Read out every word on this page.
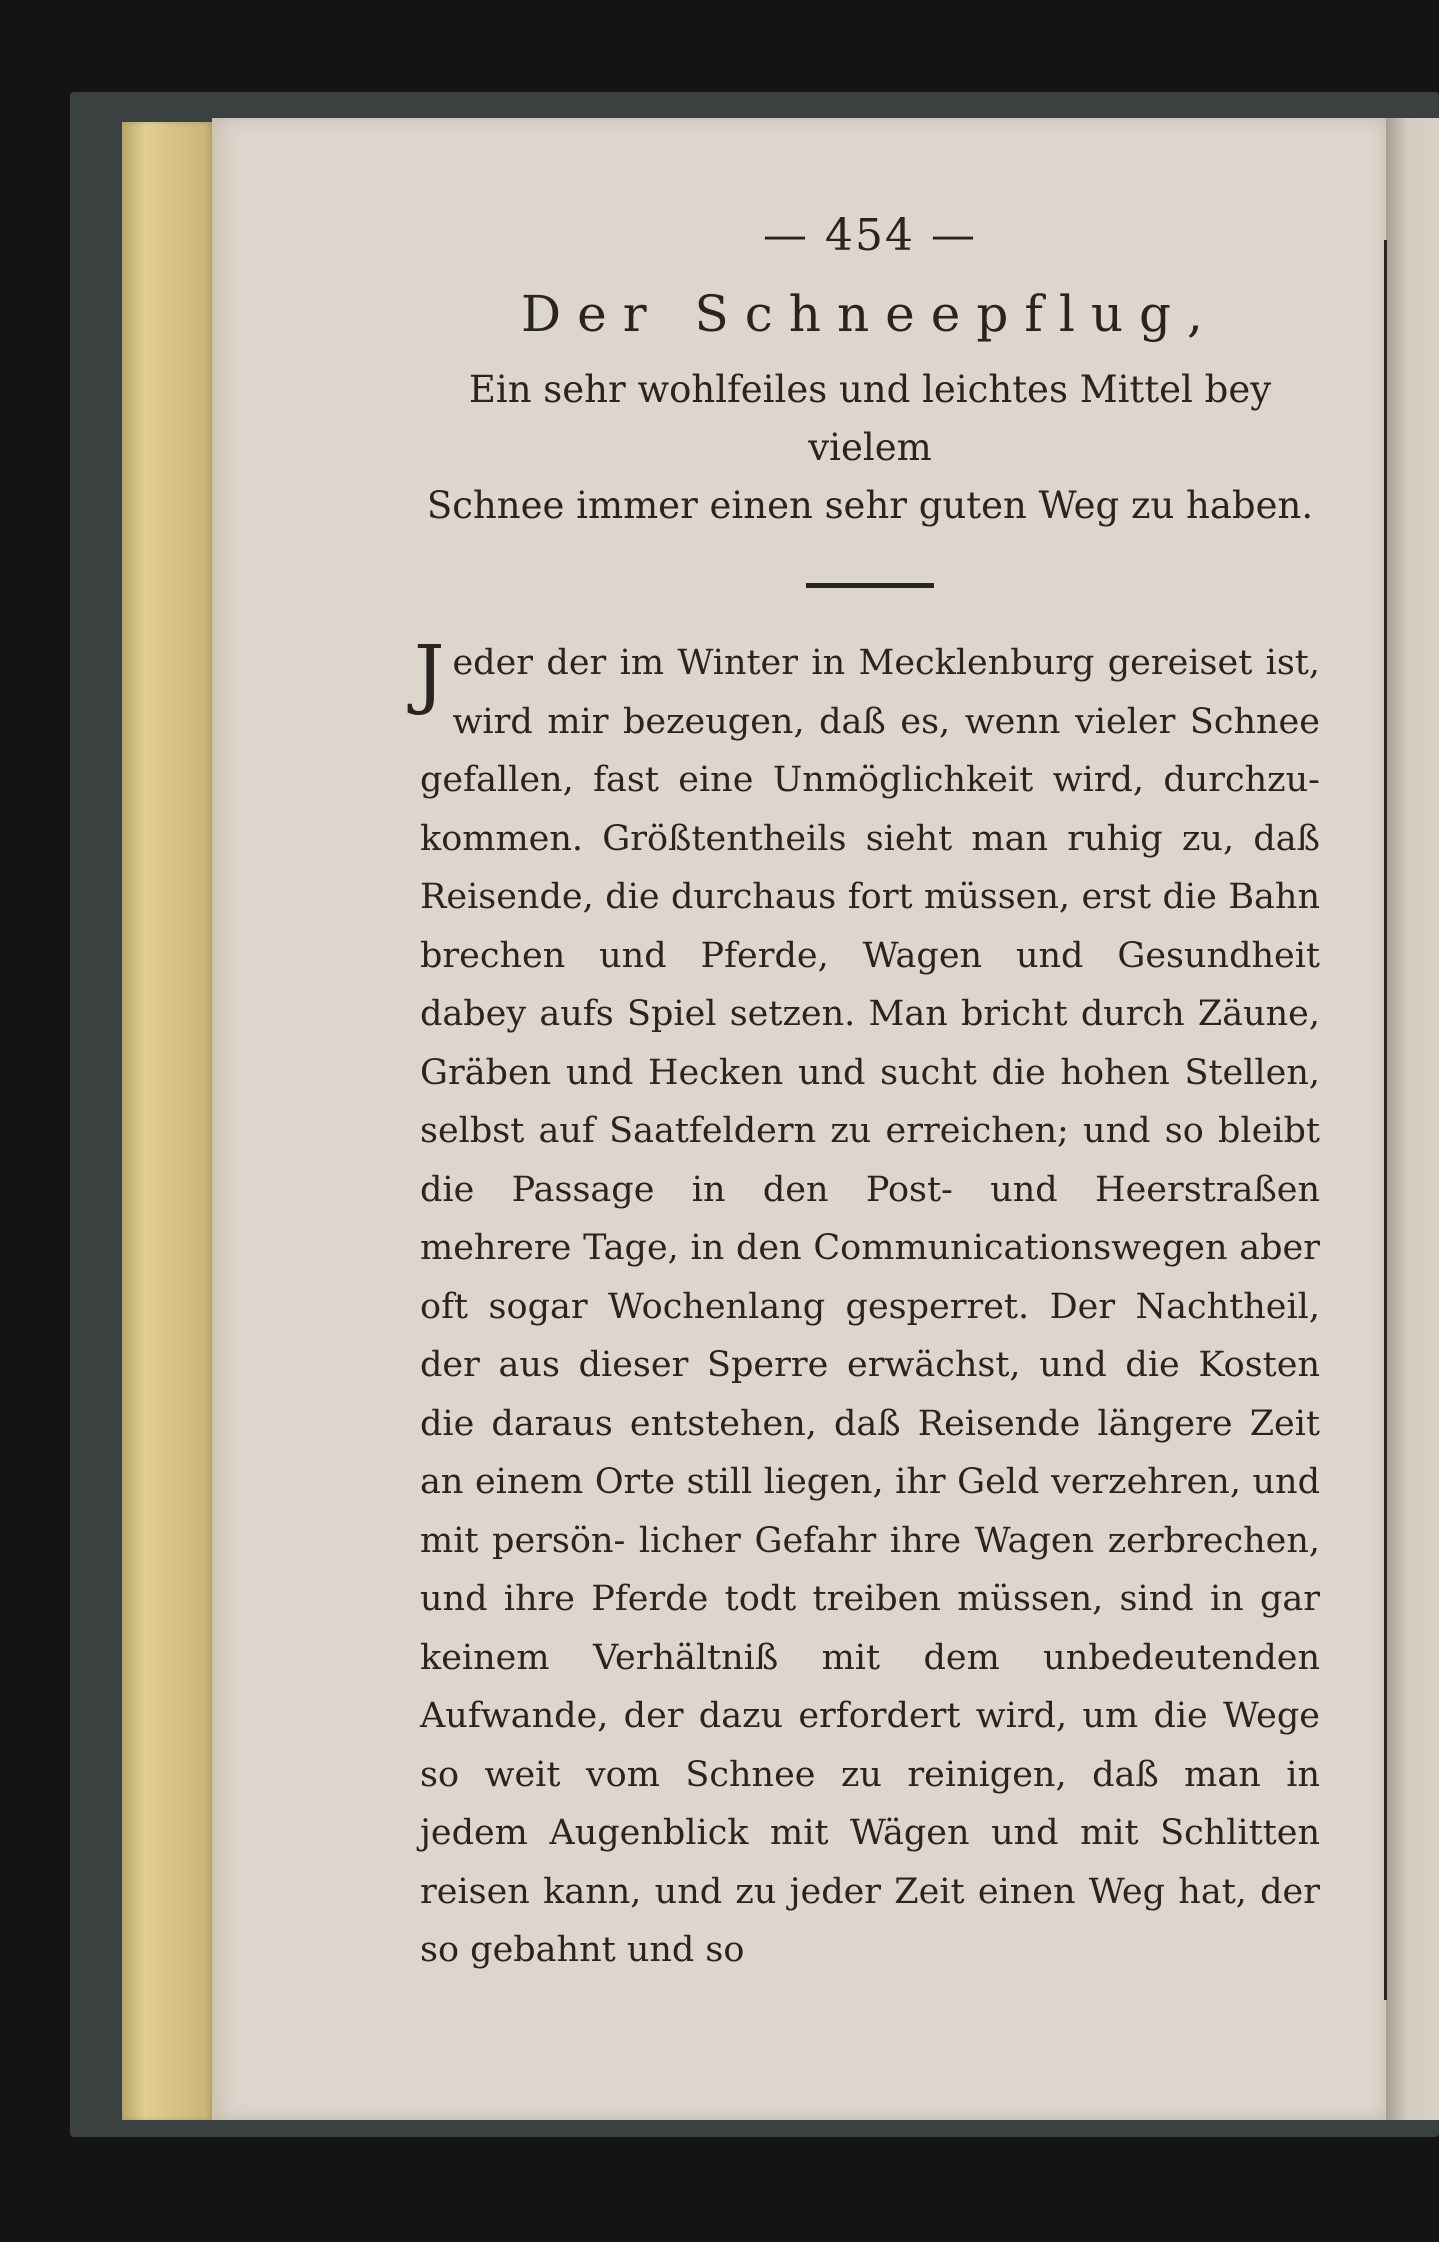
— 454 —
Der Schneepflug,

Ein sehr wohlfeiles und leichtes Mittel bey vielem
Schnee immer einen sehr guten Weg zu haben.

Jeder der im Winter in Mecklenburg gereiset ist, wird mir bezeugen, daß es, wenn vieler Schnee gefallen, fast eine Unmöglichkeit wird, durchzu- kommen. Größtentheils sieht man ruhig zu, daß Reisende, die durchaus fort müssen, erst die Bahn brechen und Pferde, Wagen und Gesundheit dabey aufs Spiel setzen. Man bricht durch Zäune, Gräben und Hecken und sucht die hohen Stellen, selbst auf Saatfeldern zu erreichen; und so bleibt die Passage in den Post- und Heerstraßen mehrere Tage, in den Communicationswegen aber oft sogar Wochenlang gesperret. Der Nachtheil, der aus dieser Sperre erwächst, und die Kosten die daraus entstehen, daß Reisende längere Zeit an einem Orte still liegen, ihr Geld verzehren, und mit persön- licher Gefahr ihre Wagen zerbrechen, und ihre Pferde todt treiben müssen, sind in gar keinem Verhältniß mit dem unbedeutenden Aufwande, der dazu erfordert wird, um die Wege so weit vom Schnee zu reinigen, daß man in jedem Augenblick mit Wägen und mit Schlitten reisen kann, und zu jeder Zeit einen Weg hat, der so gebahnt und so
